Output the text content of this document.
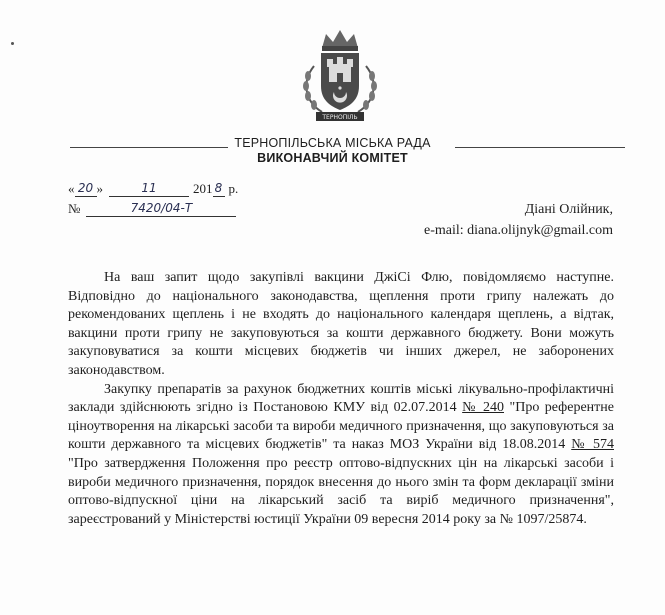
ТЕРНОПІЛЬ
ТЕРНОПІЛЬСЬКА МІСЬКА РАДА
ВИКОНАВЧИЙ КОМІТЕТ
« 20 »	11	201 8 р.
№	7420/04-Т	Діані Олійник,
e-mail: diana.olijnyk@gmail.com

На ваш запит щодо закупівлі вакцини ДжіСі Флю, повідомляємо наступне. Відповідно до національного законодавства, щеплення проти грипу належать до рекомендованих щеплень і не входять до національного календаря щеплень, а відтак, вакцини проти грипу не закуповуються за кошти державного бюджету. Вони можуть закуповуватися за кошти місцевих бюджетів чи інших джерел, не заборонених законодавством.

Закупку препаратів за рахунок бюджетних коштів міські лікувально-профілактичні заклади здійснюють згідно із Постановою КМУ від 02.07.2014 № 240 "Про референтне ціноутворення на лікарські засоби та вироби медичного призначення, що закуповуються за кошти державного та місцевих бюджетів" та наказ МОЗ України від 18.08.2014 № 574 "Про затвердження Положення про реєстр оптово-відпускних цін на лікарські засоби і вироби медичного призначення, порядок внесення до нього змін та форм декларації зміни оптово-відпускної ціни на лікарський засіб та виріб медичного призначення", зареєстрований у Міністерстві юстиції України 09 вересня 2014 року за № 1097/25874.
